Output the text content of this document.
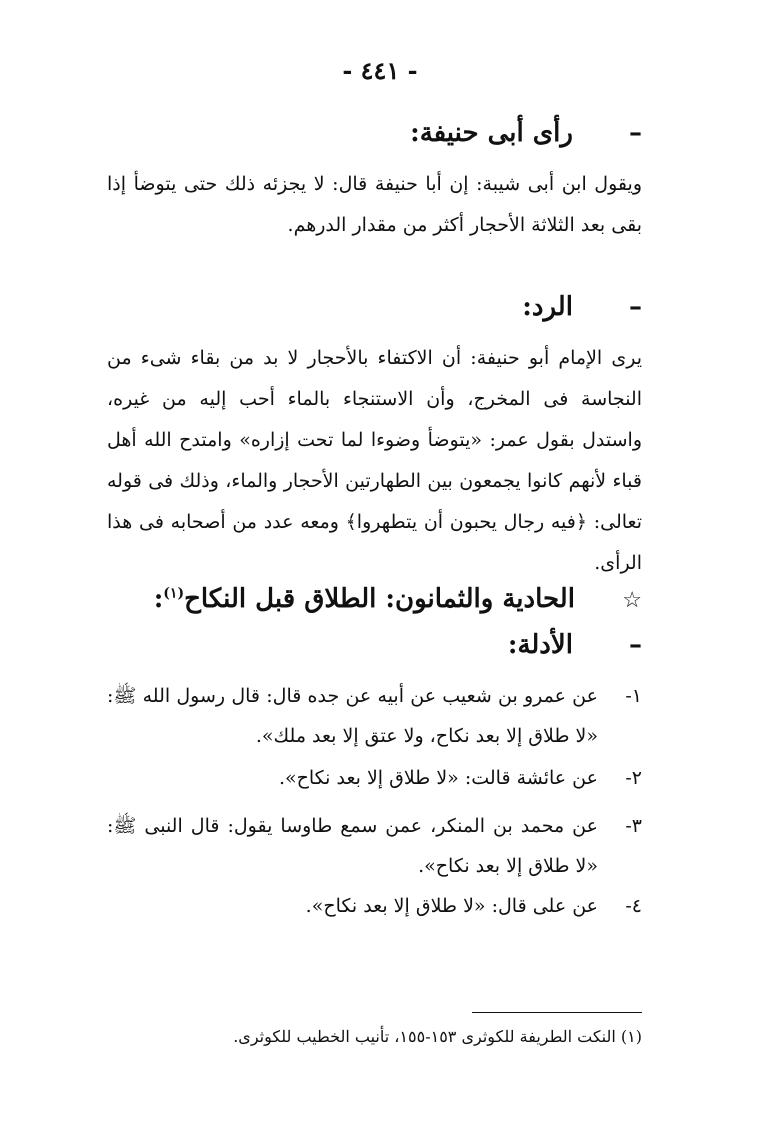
- ٤٤١ -
– رأى أبى حنيفة:

ويقول ابن أبى شيبة: إن أبا حنيفة قال: لا يجزئه ذلك حتى يتوضأ إذا بقى بعد الثلاثة الأحجار أكثر من مقدار الدرهم.

– الرد:

يرى الإمام أبو حنيفة: أن الاكتفاء بالأحجار لا بد من بقاء شىء من النجاسة فى المخرج، وأن الاستنجاء بالماء أحب إليه من غيره، واستدل بقول عمر: «يتوضأ وضوءا لما تحت إزاره» وامتدح الله أهل قباء لأنهم كانوا يجمعون بين الطهارتين الأحجار والماء، وذلك فى قوله تعالى: ﴿فيه رجال يحبون أن يتطهروا﴾ ومعه عدد من أصحابه فى هذا الرأى.

☆ الحادية والثمانون: الطلاق قبل النكاح$^{(١)}$:
– الأدلة:
١-
عن عمرو بن شعيب عن أبيه عن جده قال: قال رسول الله ﷺ: «لا طلاق إلا بعد نكاح، ولا عتق إلا بعد ملك».
٢-
عن عائشة قالت: «لا طلاق إلا بعد نكاح».
٣-
عن محمد بن المنكر، عمن سمع طاوسا يقول: قال النبى ﷺ: «لا طلاق إلا بعد نكاح».
٤-
عن على قال: «لا طلاق إلا بعد نكاح».
(١) النكت الطريفة للكوثرى ١٥٣-١٥٥، تأنيب الخطيب للكوثرى.
